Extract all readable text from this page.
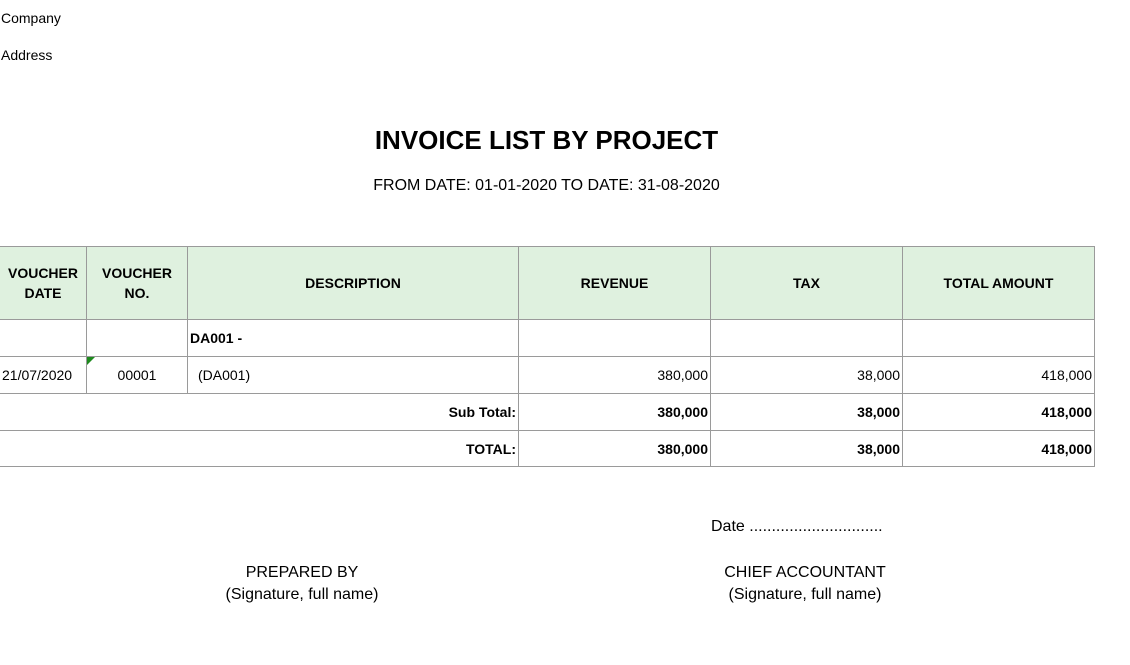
Company
Address
INVOICE LIST BY PROJECT
FROM DATE: 01-01-2020 TO DATE: 31-08-2020
VOUCHER DATE	VOUCHER NO.	DESCRIPTION	REVENUE	TAX	TOTAL AMOUNT
		DA001 -			
21/07/2020	00001	(DA001)	380,000	38,000	418,000
Sub Total:			380,000	38,000	418,000
TOTAL:			380,000	38,000	418,000
Date ..............................
PREPARED BY
(Signature, full name)
CHIEF ACCOUNTANT
(Signature, full name)
